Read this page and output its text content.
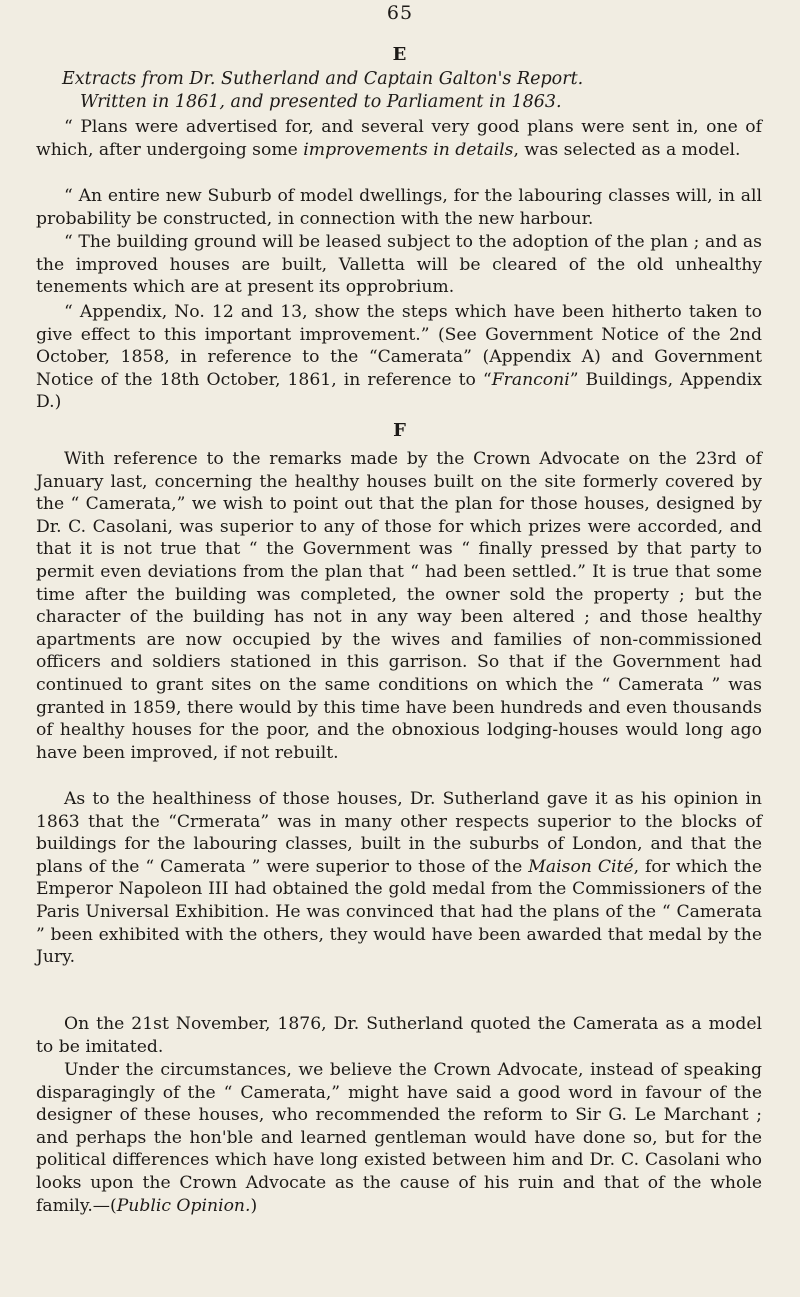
65
E
Extracts from Dr. Sutherland and Captain Galton's Report.
Written in 1861, and presented to Parliament in 1863.
“ Plans were advertised for, and several very good plans were sent in, one of which, after undergoing some improvements in details, was selected as a model.
“ An entire new Suburb of model dwellings, for the labouring classes will, in all probability be constructed, in connection with the new harbour.
“ The building ground will be leased subject to the adoption of the plan ; and as the improved houses are built, Valletta will be cleared of the old unhealthy tenements which are at present its opprobrium.
“ Appendix, No. 12 and 13, show the steps which have been hitherto taken to give effect to this important improvement.” (See Government Notice of the 2nd October, 1858, in reference to the “Camerata” (Appendix A) and Government Notice of the 18th October, 1861, in reference to “Franconi” Buildings, Appendix D.)
F
With reference to the remarks made by the Crown Advocate on the 23rd of January last, concerning the healthy houses built on the site formerly covered by the “ Camerata,” we wish to point out that the plan for those houses, designed by Dr. C. Casolani, was superior to any of those for which prizes were accorded, and that it is not true that “ the Government was “ finally pressed by that party to permit even deviations from the plan that “ had been settled.” It is true that some time after the building was completed, the owner sold the property ; but the character of the building has not in any way been altered ; and those healthy apartments are now occupied by the wives and families of non-commissioned officers and soldiers stationed in this garrison. So that if the Government had continued to grant sites on the same conditions on which the “ Camerata ” was granted in 1859, there would by this time have been hundreds and even thousands of healthy houses for the poor, and the obnoxious lodging-houses would long ago have been improved, if not rebuilt.
As to the healthiness of those houses, Dr. Sutherland gave it as his opinion in 1863 that the “Crmerata” was in many other respects superior to the blocks of buildings for the labouring classes, built in the suburbs of London, and that the plans of the “ Camerata ” were superior to those of the Maison Cité, for which the Emperor Napoleon III had obtained the gold medal from the Commissioners of the Paris Universal Exhibition. He was convinced that had the plans of the “ Camerata ” been exhibited with the others, they would have been awarded that medal by the Jury.
On the 21st November, 1876, Dr. Sutherland quoted the Camerata as a model to be imitated.
Under the circumstances, we believe the Crown Advocate, instead of speaking disparagingly of the “ Camerata,” might have said a good word in favour of the designer of these houses, who recommended the reform to Sir G. Le Marchant ; and perhaps the hon'ble and learned gentleman would have done so, but for the political differences which have long existed between him and Dr. C. Casolani who looks upon the Crown Advocate as the cause of his ruin and that of the whole family.—(Public Opinion.)
